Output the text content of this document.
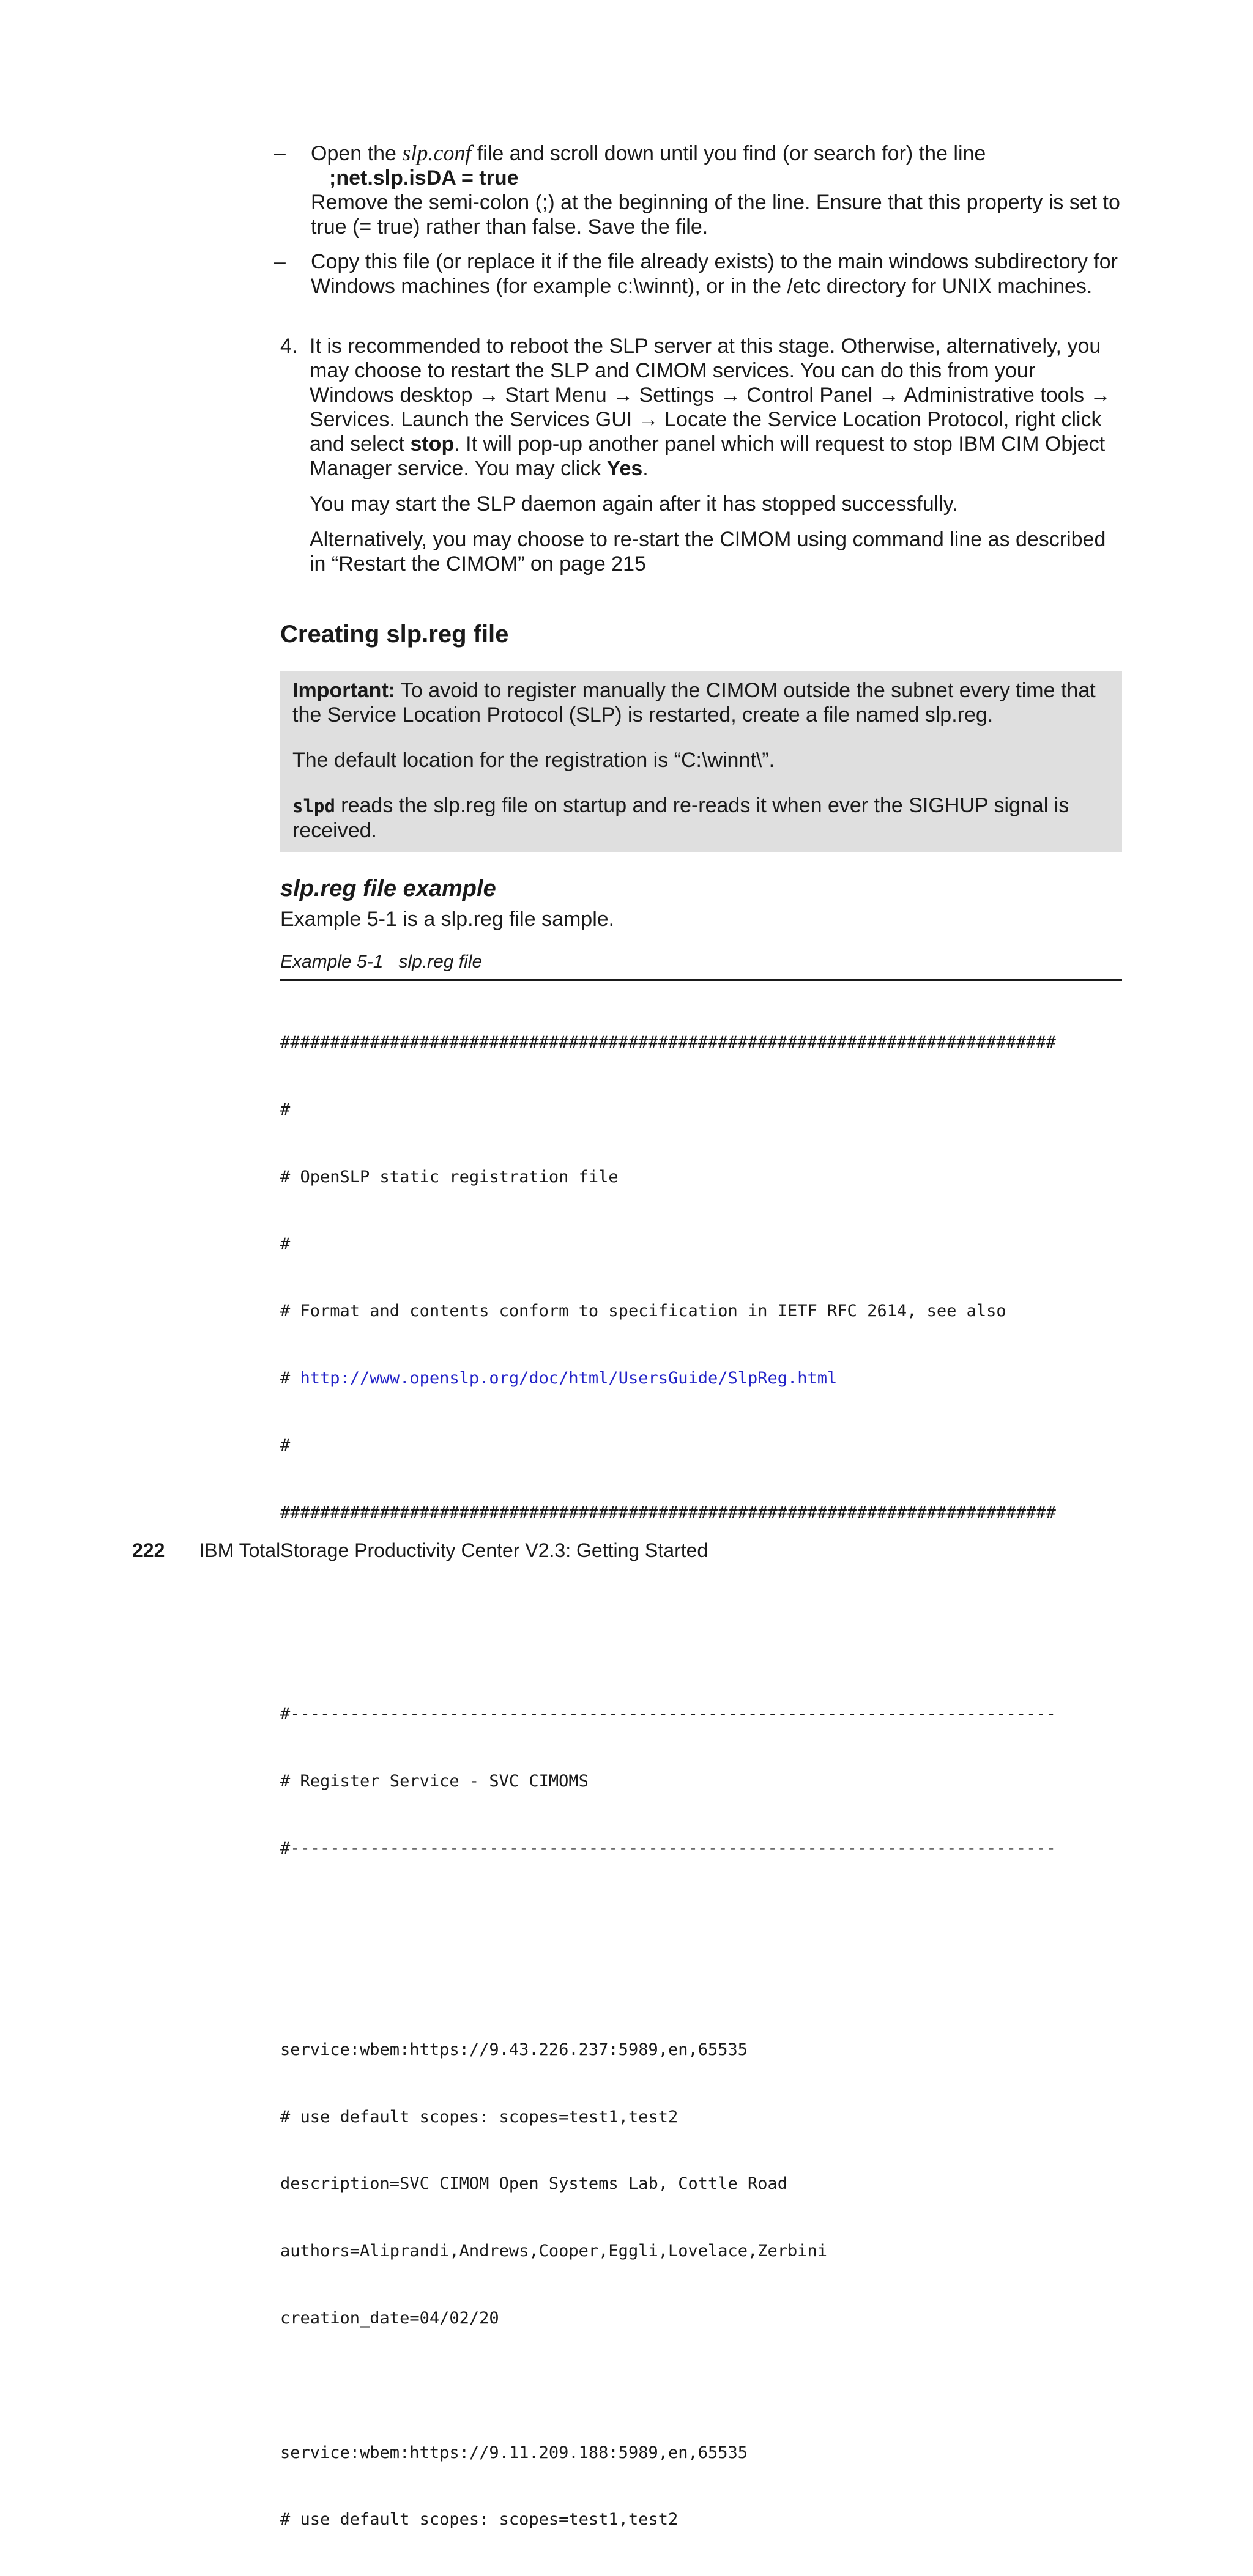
– Open the slp.conf file and scroll down until you find (or search for) the line

;net.slp.isDA = true

Remove the semi-colon (;) at the beginning of the line. Ensure that this property is set to true (= true) rather than false. Save the file.

– Copy this file (or replace it if the file already exists) to the main windows subdirectory for Windows machines (for example c:\winnt), or in the /etc directory for UNIX machines.

4. It is recommended to reboot the SLP server at this stage. Otherwise, alternatively, you may choose to restart the SLP and CIMOM services. You can do this from your Windows desktop → Start Menu → Settings → Control Panel → Administrative tools → Services. Launch the Services GUI → Locate the Service Location Protocol, right click and select stop. It will pop-up another panel which will request to stop IBM CIM Object Manager service. You may click Yes.

You may start the SLP daemon again after it has stopped successfully.

Alternatively, you may choose to re-start the CIMOM using command line as described in “Restart the CIMOM” on page 215

Creating slp.reg file

Important: To avoid to register manually the CIMOM outside the subnet every time that the Service Location Protocol (SLP) is restarted, create a file named slp.reg.

The default location for the registration is “C:\winnt\”.

slpd reads the slp.reg file on startup and re-reads it when ever the SIGHUP signal is received.

slp.reg file example

Example 5-1 is a slp.reg file sample.

Example 5-1 slp.reg file

##############################################################################

#

# OpenSLP static registration file

#

# Format and contents conform to specification in IETF RFC 2614, see also

# http://www.openslp.org/doc/html/UsersGuide/SlpReg.html

#

##############################################################################

#-----------------------------------------------------------------------------

# Register Service - SVC CIMOMS

#-----------------------------------------------------------------------------

service:wbem:https://9.43.226.237:5989,en,65535

# use default scopes: scopes=test1,test2

description=SVC CIMOM Open Systems Lab, Cottle Road

authors=Aliprandi,Andrews,Cooper,Eggli,Lovelace,Zerbini

creation_date=04/02/20

service:wbem:https://9.11.209.188:5989,en,65535

# use default scopes: scopes=test1,test2

222 IBM TotalStorage Productivity Center V2.3: Getting Started
